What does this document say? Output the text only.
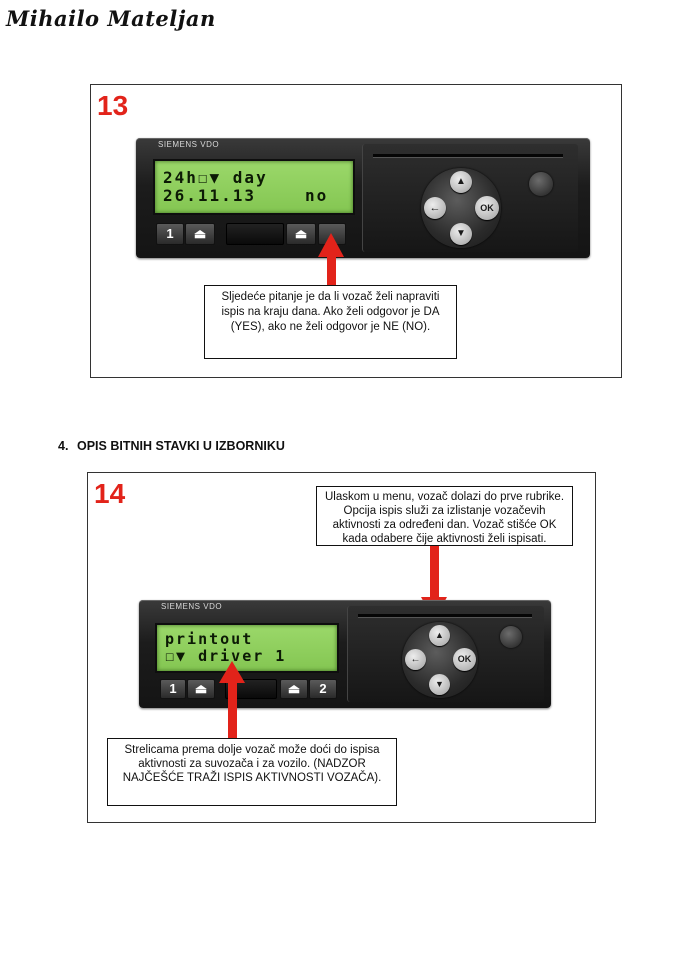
Mihailo Mateljan
13
SIEMENS VDO
24h☐▼ day
26.11.13	no
1	⏏	⏏
▲
▼
←	OK
Sljedeće pitanje je da li vozač želi napraviti ispis na kraju dana. Ako želi odgovor je DA (YES), ako ne želi odgovor je NE (NO).
4. OPIS BITNIH STAVKI U IZBORNIKU
14	Ulaskom u menu, vozač dolazi do prve rubrike. Opcija ispis služi za izlistanje vozačevih aktivnosti za određeni dan. Vozač stišće OK kada odabere čije aktivnosti želi ispisati.
SIEMENS VDO
printout
☐▼ driver 1
1	⏏	⏏	2
▲
▼
←	OK
Strelicama prema dolje vozač može doći do ispisa aktivnosti za suvozača i za vozilo. (NADZOR NAJČEŠĆE TRAŽI ISPIS AKTIVNOSTI VOZAČA).
